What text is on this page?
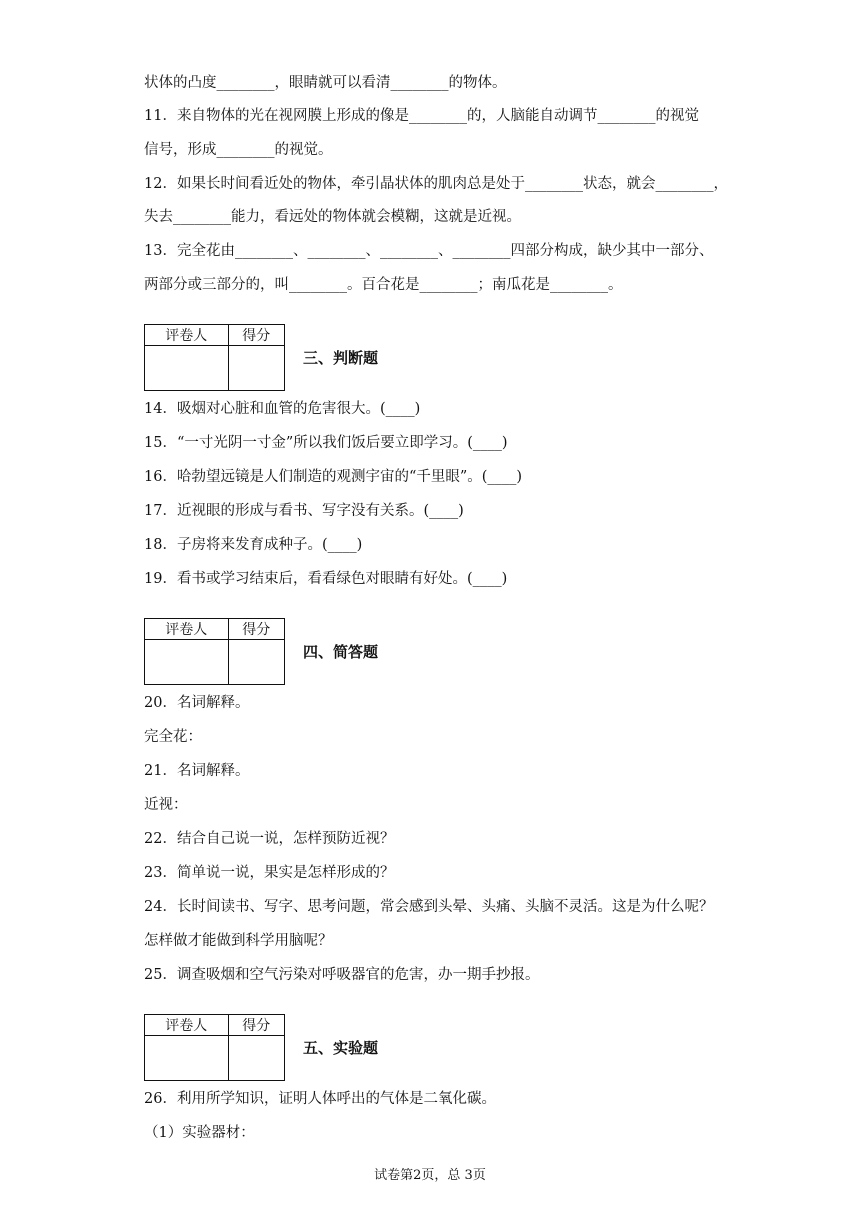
状体的凸度________，眼睛就可以看清________的物体。
11．来自物体的光在视网膜上形成的像是________的，人脑能自动调节________的视觉
信号，形成________的视觉。
12．如果长时间看近处的物体，牵引晶状体的肌肉总是处于________状态，就会________，
失去________能力，看远处的物体就会模糊，这就是近视。
13．完全花由________、________、________、________四部分构成，缺少其中一部分、
两部分或三部分的，叫________。百合花是________；南瓜花是________。
评卷人	得分

三、判断题
14．吸烟对心脏和血管的危害很大。(____)
15．“一寸光阴一寸金”所以我们饭后要立即学习。(____)
16．哈勃望远镜是人们制造的观测宇宙的“千里眼”。(____)
17．近视眼的形成与看书、写字没有关系。(____)
18．子房将来发育成种子。(____)
19．看书或学习结束后，看看绿色对眼睛有好处。(____)
评卷人	得分

四、简答题
20．名词解释。
完全花：
21．名词解释。
近视：
22．结合自己说一说，怎样预防近视？
23．简单说一说，果实是怎样形成的？
24．长时间读书、写字、思考问题，常会感到头晕、头痛、头脑不灵活。这是为什么呢？
怎样做才能做到科学用脑呢？
25．调查吸烟和空气污染对呼吸器官的危害，办一期手抄报。
评卷人	得分

五、实验题
26．利用所学知识，证明人体呼出的气体是二氧化碳。
（1）实验器材：
试卷第2页，总 3页
